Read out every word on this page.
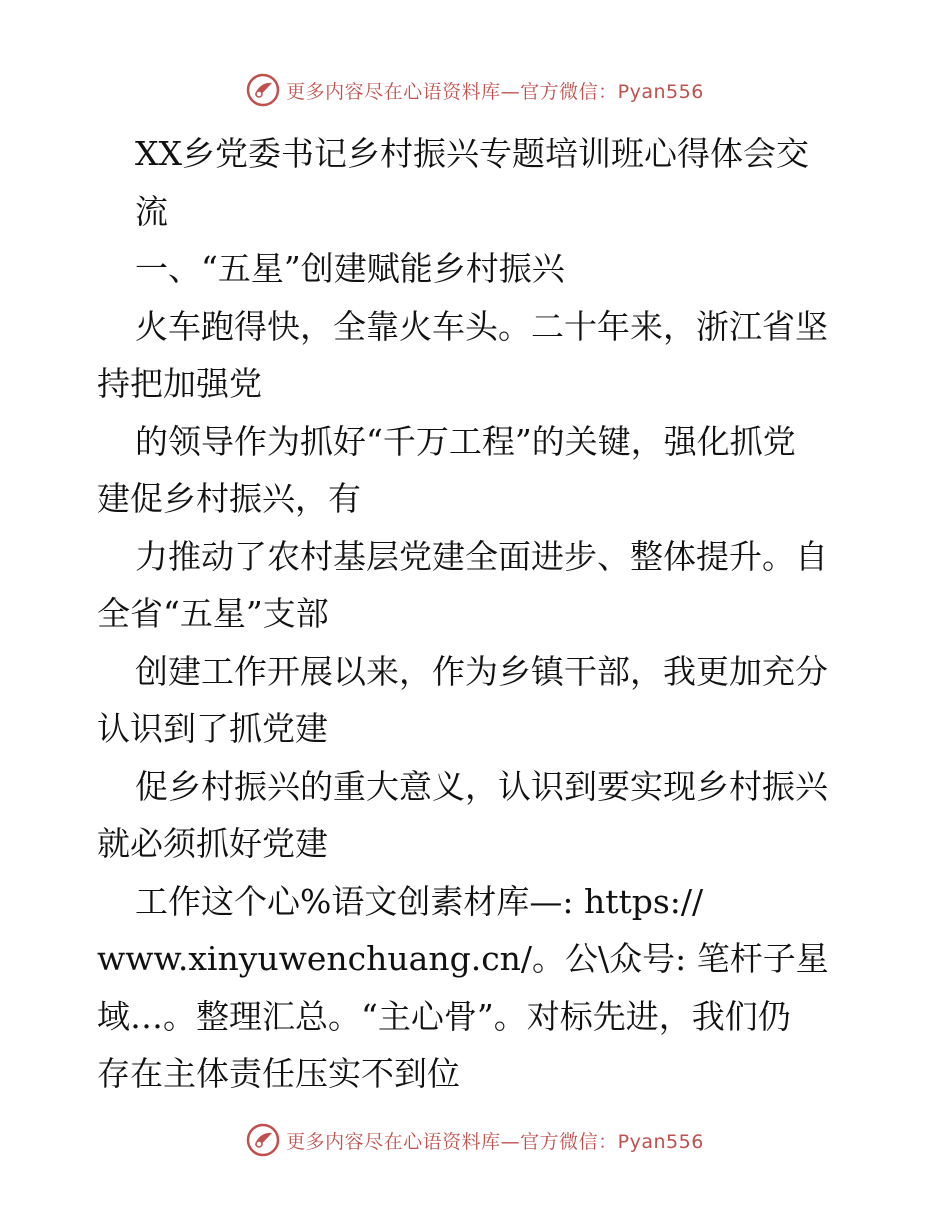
更多内容尽在心语资料库—官方微信：Pyan556
XX乡党委书记乡村振兴专题培训班心得体会交
流
一、“五星”创建赋能乡村振兴
火车跑得快，全靠火车头。二十年来，浙江省坚
持把加强党
的领导作为抓好“千万工程”的关键，强化抓党
建促乡村振兴，有
力推动了农村基层党建全面进步、整体提升。自
全省“五星”支部
创建工作开展以来，作为乡镇干部，我更加充分
认识到了抓党建
促乡村振兴的重大意义，认识到要实现乡村振兴
就必须抓好党建
工作这个心%语文创素材库—: https://
www.xinyuwenchuang.cn/。公\众号: 笔杆子星
域…。整理汇总。“主心骨”。对标先进，我们仍
存在主体责任压实不到位
更多内容尽在心语资料库—官方微信：Pyan556
